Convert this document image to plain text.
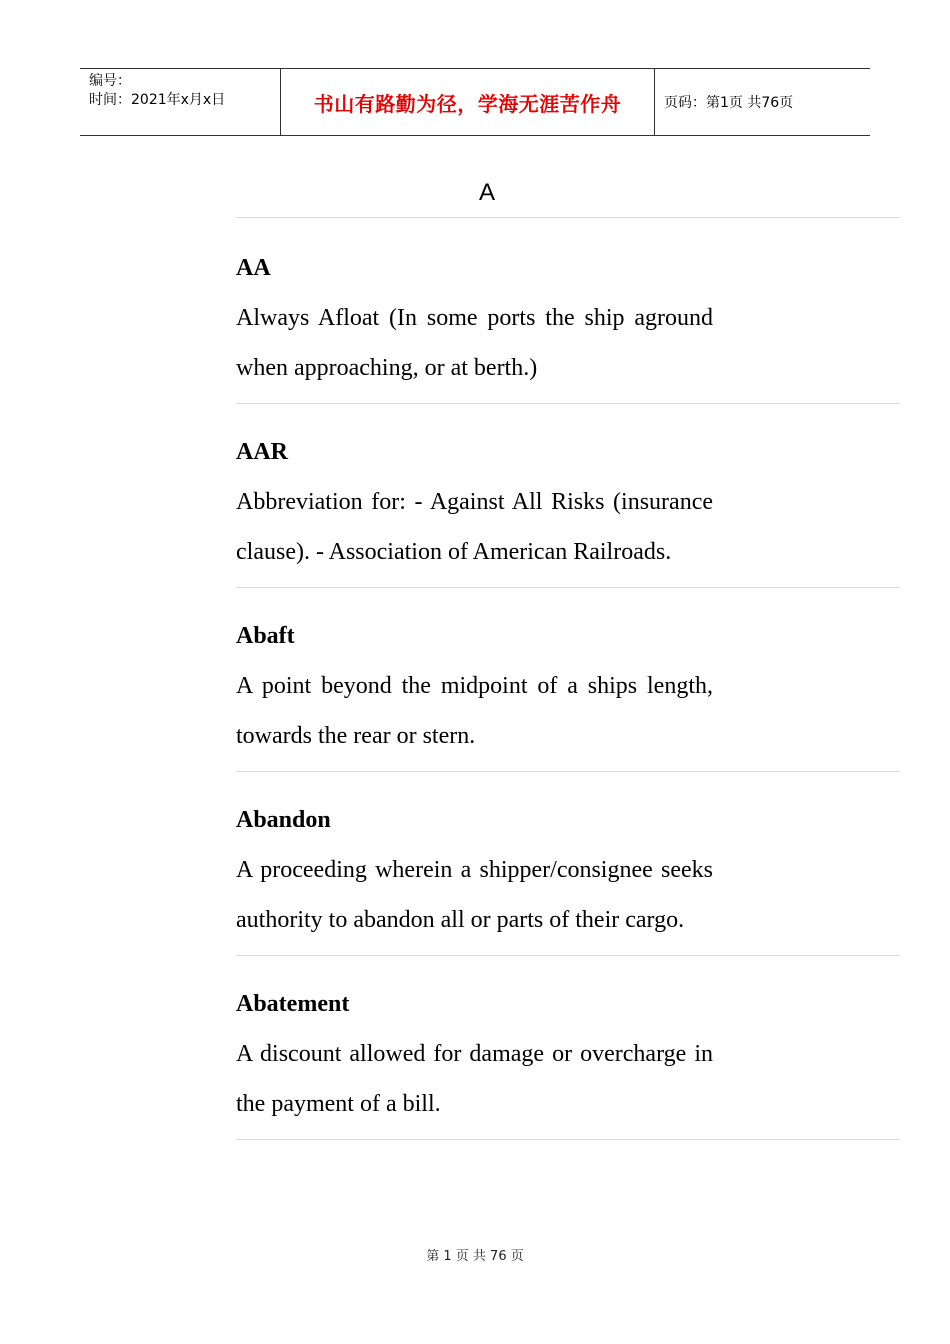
编号：
时间：2021年x月x日	书山有路勤为径，学海无涯苦作舟	页码：第1页 共76页
A
AA
Always Afloat (In some ports the ship aground when approaching, or at berth.)
AAR
Abbreviation for: - Against All Risks (insurance clause). - Association of American Railroads.
Abaft
A point beyond the midpoint of a ships length, towards the rear or stern.
Abandon
A proceeding wherein a shipper/consignee seeks authority to abandon all or parts of their cargo.
Abatement
A discount allowed for damage or overcharge in the payment of a bill.
第 1 页 共 76 页
